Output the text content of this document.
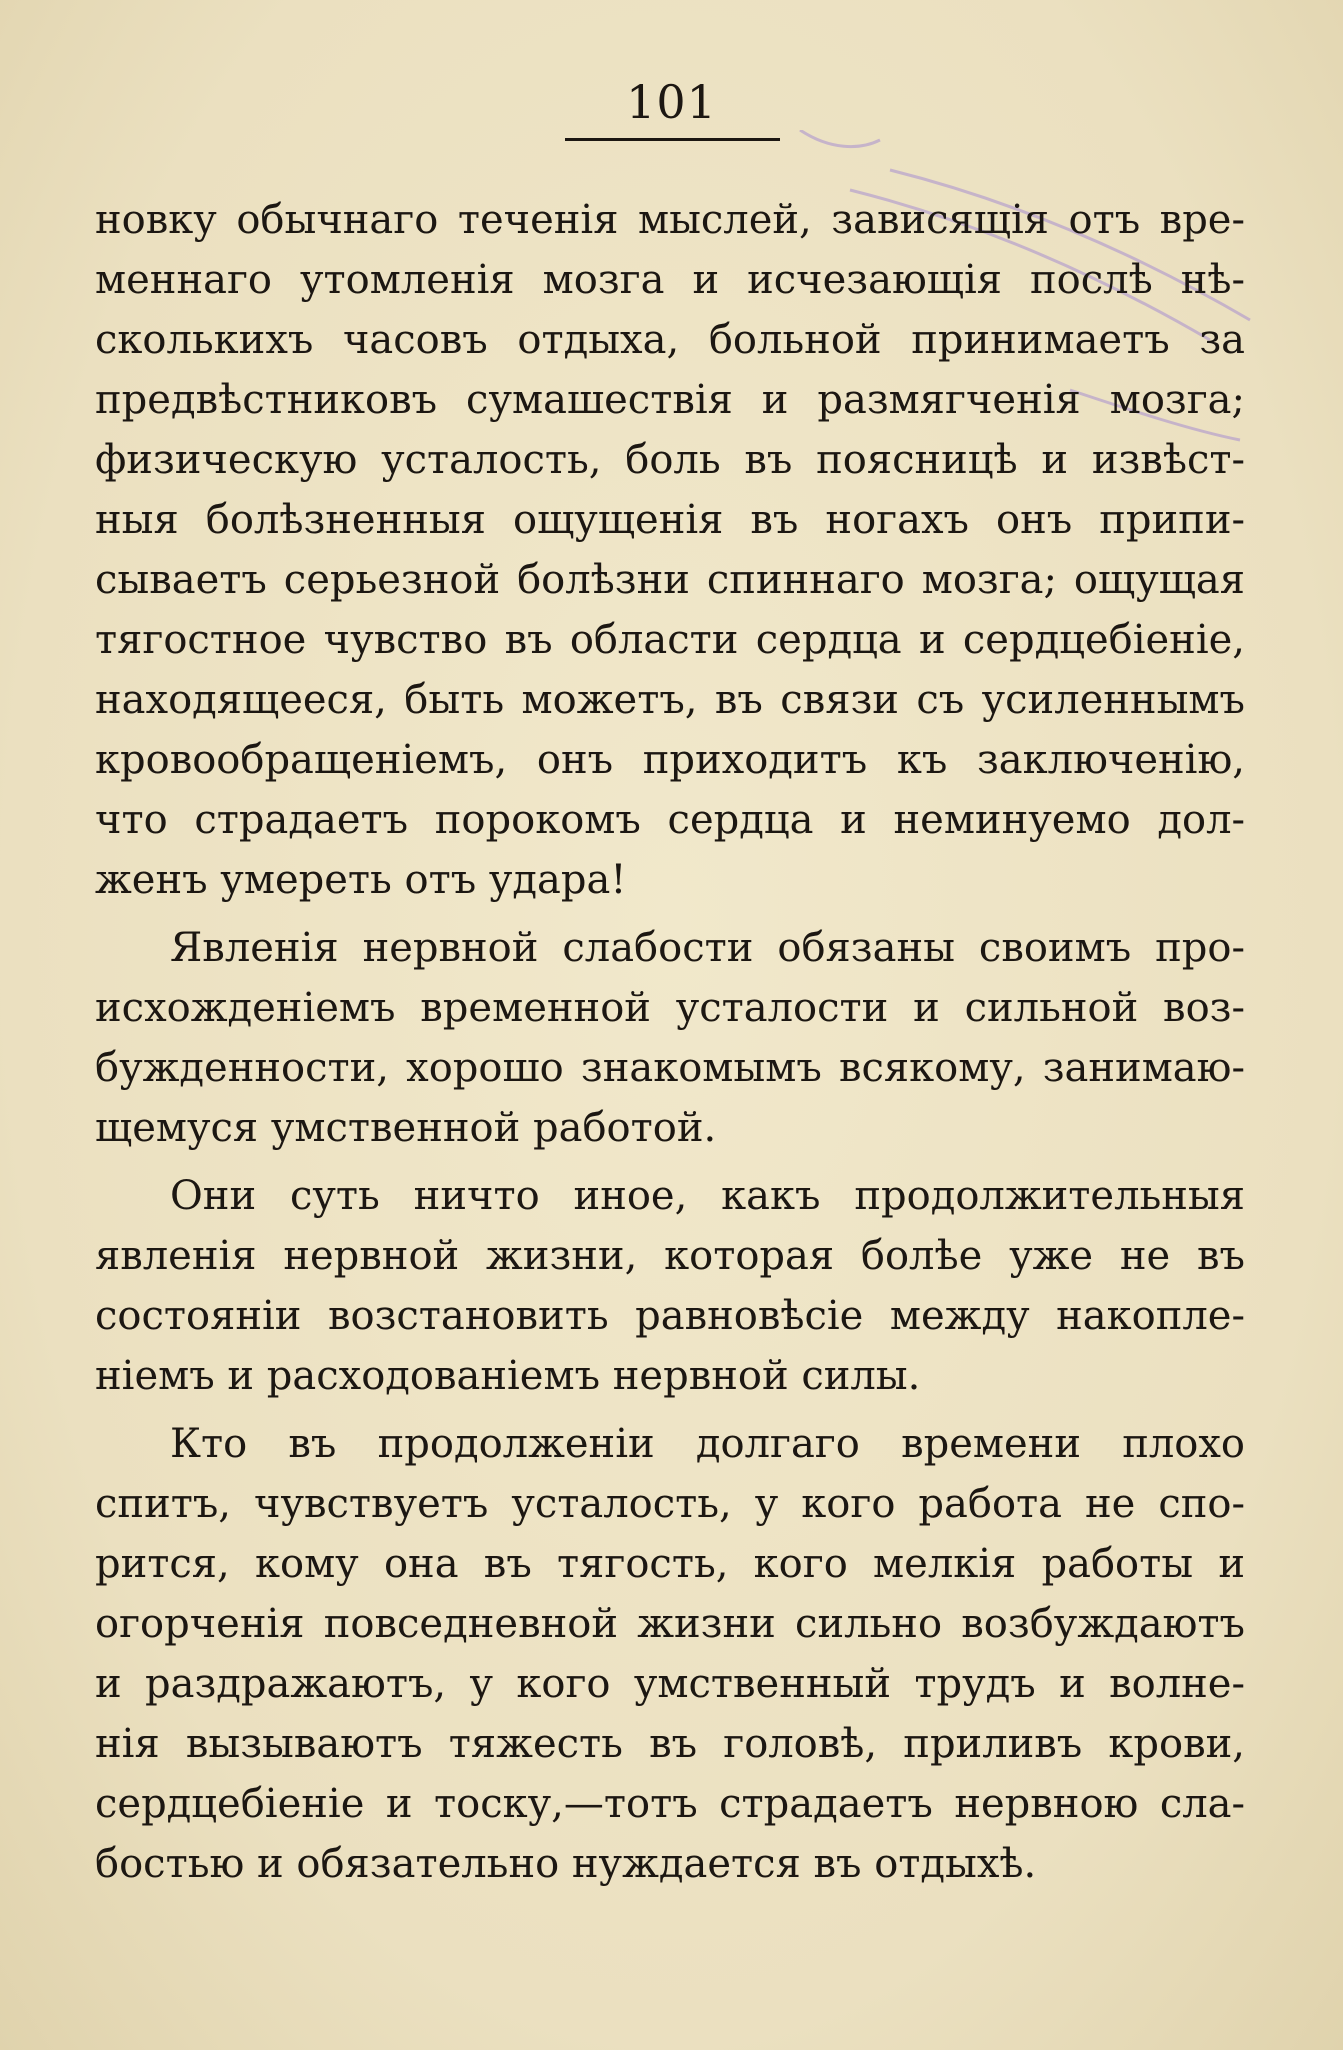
101
новку обычнаго теченія мыслей, зависящія отъ вре-
меннаго утомленія мозга и исчезающія послѣ нѣ-
сколькихъ часовъ отдыха, больной принимаетъ за
предвѣстниковъ сумашествія и размягченія мозга;
физическую усталость, боль въ поясницѣ и извѣст-
ныя болѣзненныя ощущенія въ ногахъ онъ припи-
сываетъ серьезной болѣзни спиннаго мозга; ощущая
тягостное чувство въ области сердца и сердцебіеніе,
находящееся, быть можетъ, въ связи съ усиленнымъ
кровообращеніемъ, онъ приходитъ къ заключенію,
что страдаетъ порокомъ сердца и неминуемо дол-
женъ умереть отъ удара!
Явленія нервной слабости обязаны своимъ про-
исхожденіемъ временной усталости и сильной воз-
бужденности, хорошо знакомымъ всякому, занимаю-
щемуся умственной работой.
Они суть ничто иное, какъ продолжительныя
явленія нервной жизни, которая болѣе уже не въ
состояніи возстановить равновѣсіе между накопле-
ніемъ и расходованіемъ нервной силы.
Кто въ продолженіи долгаго времени плохо
спитъ, чувствуетъ усталость, у кого работа не спо-
рится, кому она въ тягость, кого мелкія работы и
огорченія повседневной жизни сильно возбуждаютъ
и раздражаютъ, у кого умственный трудъ и волне-
нія вызываютъ тяжесть въ головѣ, приливъ крови,
сердцебіеніе и тоску,—тотъ страдаетъ нервною сла-
бостью и обязательно нуждается въ отдыхѣ.
